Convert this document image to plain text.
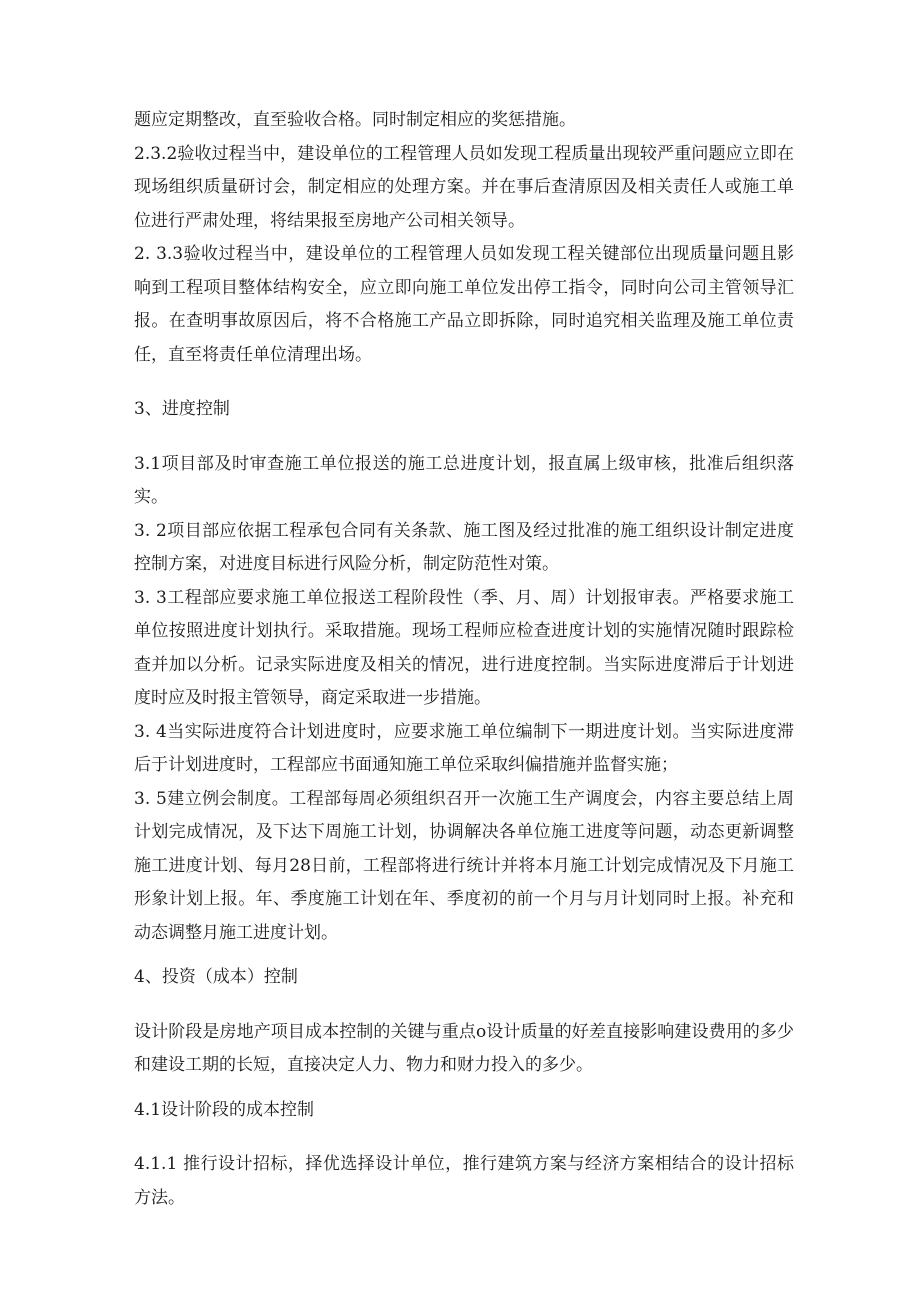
题应定期整改，直至验收合格。同时制定相应的奖惩措施。

2.3.2验收过程当中，建设单位的工程管理人员如发现工程质量出现较严重问题应立即在现场组织质量研讨会，制定相应的处理方案。并在事后查清原因及相关责任人或施工单位进行严肃处理，将结果报至房地产公司相关领导。

2. 3.3验收过程当中，建设单位的工程管理人员如发现工程关键部位出现质量问题且影响到工程项目整体结构安全，应立即向施工单位发出停工指令，同时向公司主管领导汇报。在查明事故原因后，将不合格施工产品立即拆除，同时追究相关监理及施工单位责任，直至将责任单位清理出场。

3、进度控制

3.1项目部及时审查施工单位报送的施工总进度计划，报直属上级审核，批准后组织落实。

3. 2项目部应依据工程承包合同有关条款、施工图及经过批准的施工组织设计制定进度控制方案，对进度目标进行风险分析，制定防范性对策。

3. 3工程部应要求施工单位报送工程阶段性（季、月、周）计划报审表。严格要求施工单位按照进度计划执行。采取措施。现场工程师应检查进度计划的实施情况随时跟踪检查并加以分析。记录实际进度及相关的情况，进行进度控制。当实际进度滞后于计划进度时应及时报主管领导，商定采取进一步措施。

3. 4当实际进度符合计划进度时，应要求施工单位编制下一期进度计划。当实际进度滞后于计划进度时，工程部应书面通知施工单位采取纠偏措施并监督实施；

3. 5建立例会制度。工程部每周必须组织召开一次施工生产调度会，内容主要总结上周计划完成情况，及下达下周施工计划，协调解决各单位施工进度等问题，动态更新调整施工进度计划、每月28日前，工程部将进行统计并将本月施工计划完成情况及下月施工形象计划上报。年、季度施工计划在年、季度初的前一个月与月计划同时上报。补充和动态调整月施工进度计划。

4、投资（成本）控制

设计阶段是房地产项目成本控制的关键与重点o设计质量的好差直接影响建设费用的多少和建设工期的长短，直接决定人力、物力和财力投入的多少。

4.1设计阶段的成本控制

4.1.1 推行设计招标，择优选择设计单位，推行建筑方案与经济方案相结合的设计招标方法。
